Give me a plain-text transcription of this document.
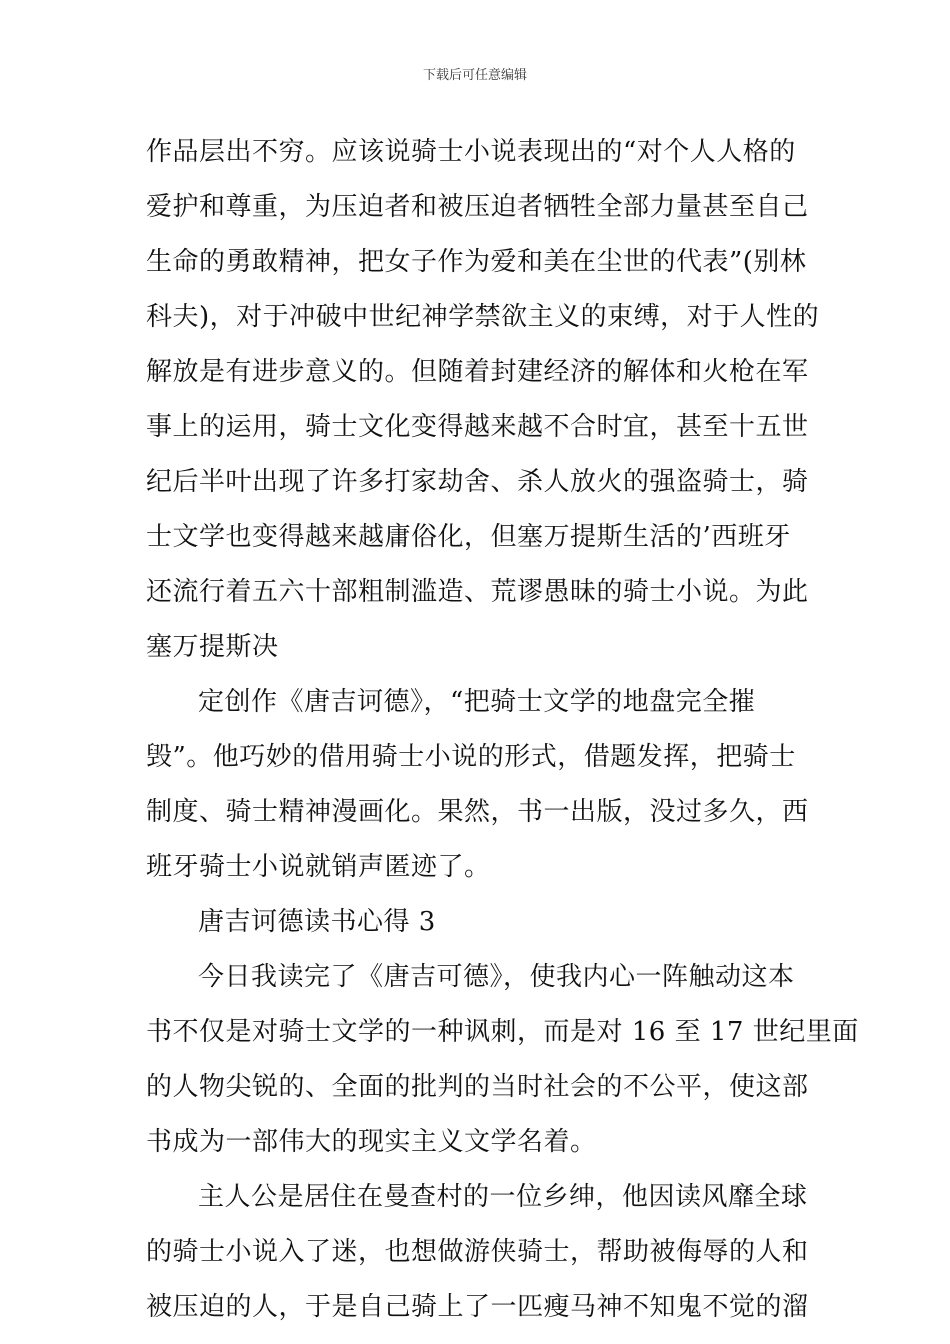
下载后可任意编辑
作品层出不穷。应该说骑士小说表现出的“对个人人格的
爱护和尊重，为压迫者和被压迫者牺牲全部力量甚至自己
生命的勇敢精神，把女子作为爱和美在尘世的代表”(别林
科夫)，对于冲破中世纪神学禁欲主义的束缚，对于人性的
解放是有进步意义的。但随着封建经济的解体和火枪在军
事上的运用，骑士文化变得越来越不合时宜，甚至十五世
纪后半叶出现了许多打家劫舍、杀人放火的强盗骑士，骑
士文学也变得越来越庸俗化，但塞万提斯生活的’西班牙
还流行着五六十部粗制滥造、荒谬愚昧的骑士小说。为此
塞万提斯决
定创作《唐吉诃德》，“把骑士文学的地盘完全摧
毁”。他巧妙的借用骑士小说的形式，借题发挥，把骑士
制度、骑士精神漫画化。果然，书一出版，没过多久，西
班牙骑士小说就销声匿迹了。
唐吉诃德读书心得 3
今日我读完了《唐吉可德》，使我内心一阵触动这本
书不仅是对骑士文学的一种讽刺，而是对 16 至 17 世纪里面
的人物尖锐的、全面的批判的当时社会的不公平，使这部
书成为一部伟大的现实主义文学名着。
主人公是居住在曼查村的一位乡绅，他因读风靡全球
的骑士小说入了迷，也想做游侠骑士，帮助被侮辱的人和
被压迫的人，于是自己骑上了一匹瘦马神不知鬼不觉的溜
